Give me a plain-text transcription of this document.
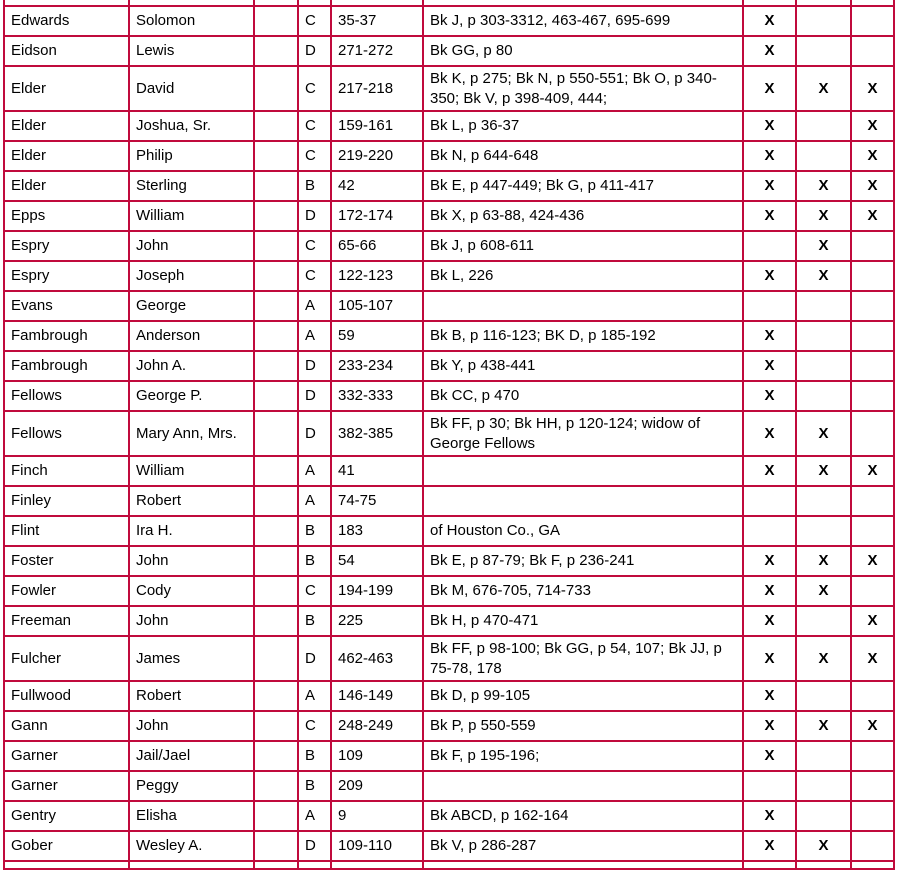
Edwards	Solomon		C	35-37	Bk J, p 303-3312, 463-467, 695-699	X		
Eidson	Lewis		D	271-272	Bk GG, p 80	X		
Elder	David		C	217-218	Bk K, p 275; Bk N, p 550-551; Bk O, p 340-350; Bk V, p 398-409, 444;	X	X	X
Elder	Joshua, Sr.		C	159-161	Bk L, p 36-37	X		X
Elder	Philip		C	219-220	Bk N, p 644-648	X		X
Elder	Sterling		B	42	Bk E, p 447-449; Bk G, p 411-417	X	X	X
Epps	William		D	172-174	Bk X, p 63-88, 424-436	X	X	X
Espry	John		C	65-66	Bk J, p 608-611		X	
Espry	Joseph		C	122-123	Bk L, 226	X	X	
Evans	George		A	105-107				
Fambrough	Anderson		A	59	Bk B, p 116-123; BK D, p 185-192	X		
Fambrough	John A.		D	233-234	Bk Y, p 438-441	X		
Fellows	George P.		D	332-333	Bk CC, p 470	X		
Fellows	Mary Ann, Mrs.		D	382-385	Bk FF, p 30; Bk HH, p 120-124; widow of George Fellows	X	X	
Finch	William		A	41		X	X	X
Finley	Robert		A	74-75				
Flint	Ira H.		B	183	of Houston Co., GA			
Foster	John		B	54	Bk E, p 87-79; Bk F, p 236-241	X	X	X
Fowler	Cody		C	194-199	Bk M, 676-705, 714-733	X	X	
Freeman	John		B	225	Bk H, p 470-471	X		X
Fulcher	James		D	462-463	Bk FF, p 98-100; Bk GG, p 54, 107; Bk JJ, p 75-78, 178	X	X	X
Fullwood	Robert		A	146-149	Bk D, p 99-105	X		
Gann	John		C	248-249	Bk P, p 550-559	X	X	X
Garner	Jail/Jael		B	109	Bk F, p 195-196;	X		
Garner	Peggy		B	209				
Gentry	Elisha		A	9	Bk ABCD, p 162-164	X		
Gober	Wesley A.		D	109-110	Bk V, p 286-287	X	X	
